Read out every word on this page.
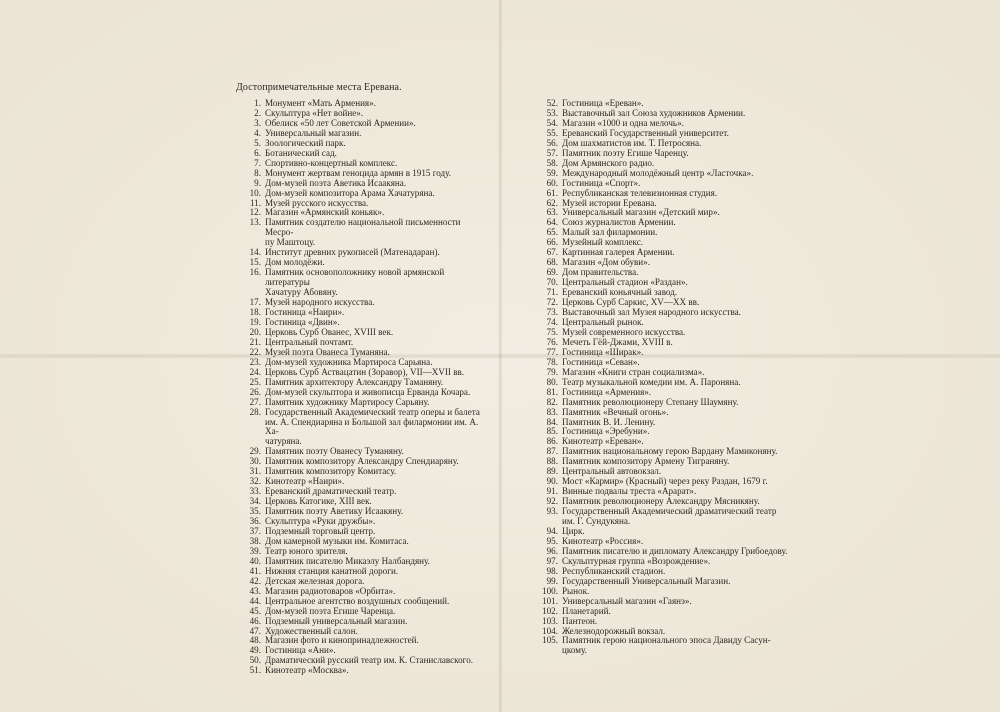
Достопримечательные места Еревана.
1. Монумент «Мать Армения».
2. Скульптура «Нет войне».
3. Обелиск «50 лет Советской Армении».
4. Универсальный магазин.
5. Зоологический парк.
6. Ботанический сад.
7. Спортивно-концертный комплекс.
8. Монумент жертвам геноцида армян в 1915 году.
9. Дом-музей поэта Аветика Исаакяна.
10. Дом-музей композитора Арама Хачатуряна.
11. Музей русского искусства.
12. Магазин «Армянский коньяк».
13. Памятник создателю национальной письменности Месро-
пу Маштоцу.
14. Институт древних рукописей (Матенадаран).
15. Дом молодёжи.
16. Памятник основоположнику новой армянской литературы
Хачатуру Абовяну.
17. Музей народного искусства.
18. Гостиница «Наири».
19. Гостиница «Двин».
20. Церковь Сурб Ованес, XVIII век.
21. Центральный почтамт.
22. Музей поэта Ованеса Туманяна.
23. Дом-музей художника Мартироса Сарьяна.
24. Церковь Сурб Аствацатин (Зоравор), VII—XVII вв.
25. Памятник архитектору Александру Таманяну.
26. Дом-музей скульптора и живописца Ервандa Кочара.
27. Памятник художнику Мартиросу Сарьяну.
28. Государственный Академический театр оперы и балета
им. А. Спендиарянa и Большой зал филармонии им. А. Ха-
чатуряна.
29. Памятник поэту Ованесу Туманяну.
30. Памятник композитору Александру Спендиаряну.
31. Памятник композитору Комитасу.
32. Кинотеатр «Наири».
33. Ереванский драматический театр.
34. Церковь Катогике, XIII век.
35. Памятник поэту Аветику Исаакяну.
36. Скульптура «Руки дружбы».
37. Подземный торговый центр.
38. Дом камерной музыки им. Комитаса.
39. Театр юного зрителя.
40. Памятник писателю Микаэлу Налбандяну.
41. Нижняя станция канатной дороги.
42. Детская железная дорога.
43. Магазин радиотоваров «Орбита».
44. Центральное агентство воздушных сообщений.
45. Дом-музей поэта Егише Чаренца.
46. Подземный универсальный магазин.
47. Художественный салон.
48. Магазин фото и кинопринадлежностей.
49. Гостиница «Ани».
50. Драматический русский театр им. К. Станиславского.
51. Кинотеатр «Москва».
52. Гостиница «Ереван».
53. Выставочный зал Союза художников Армении.
54. Магазин «1000 и одна мелочь».
55. Ереванский Государственный университет.
56. Дом шахматистов им. Т. Петросяна.
57. Памятник поэту Егише Чаренцу.
58. Дом Армянского радио.
59. Международный молодёжный центр «Ласточка».
60. Гостиница «Спорт».
61. Республиканская телевизионная студия.
62. Музей истории Еревана.
63. Универсальный магазин «Детский мир».
64. Союз журналистов Армении.
65. Малый зал филармонии.
66. Музейный комплекс.
67. Картинная галерея Армении.
68. Магазин «Дом обуви».
69. Дом правительства.
70. Центральный стадион «Раздан».
71. Ереванский коньячный завод.
72. Церковь Сурб Саркис, XV—XX вв.
73. Выставочный зал Музея народного искусства.
74. Центральный рынок.
75. Музей современного искусства.
76. Мечеть Гёй-Джами, XVIII в.
77. Гостиница «Ширак».
78. Гостиница «Севан».
79. Магазин «Книги стран социализма».
80. Театр музыкальной комедии им. А. Пароняна.
81. Гостиница «Армения».
82. Памятник революционеру Степану Шаумяну.
83. Памятник «Вечный огонь».
84. Памятник В. И. Ленину.
85. Гостиница «Эребуни».
86. Кинотеатр «Ереван».
87. Памятник национальному герою Вардану Мамиконяну.
88. Памятник композитору Армену Тиграняну.
89. Центральный автовокзал.
90. Мост «Кармир» (Красный) через реку Раздан, 1679 г.
91. Винные подвалы треста «Арарат».
92. Памятник революционеру Александру Мясникяну.
93. Государственный Академический драматический театр
им. Г. Сундукяна.
94. Цирк.
95. Кинотеатр «Россия».
96. Памятник писателю и дипломату Александру Грибоедову.
97. Скульптурная группа «Возрождение».
98. Республиканский стадион.
99. Государственный Универсальный Магазин.
100. Рынок.
101. Универсальный магазин «Гаянэ».
102. Планетарий.
103. Пантеон.
104. Железнодорожный вокзал.
105. Памятник герою национального эпоса Давиду Сасун-
цкому.
